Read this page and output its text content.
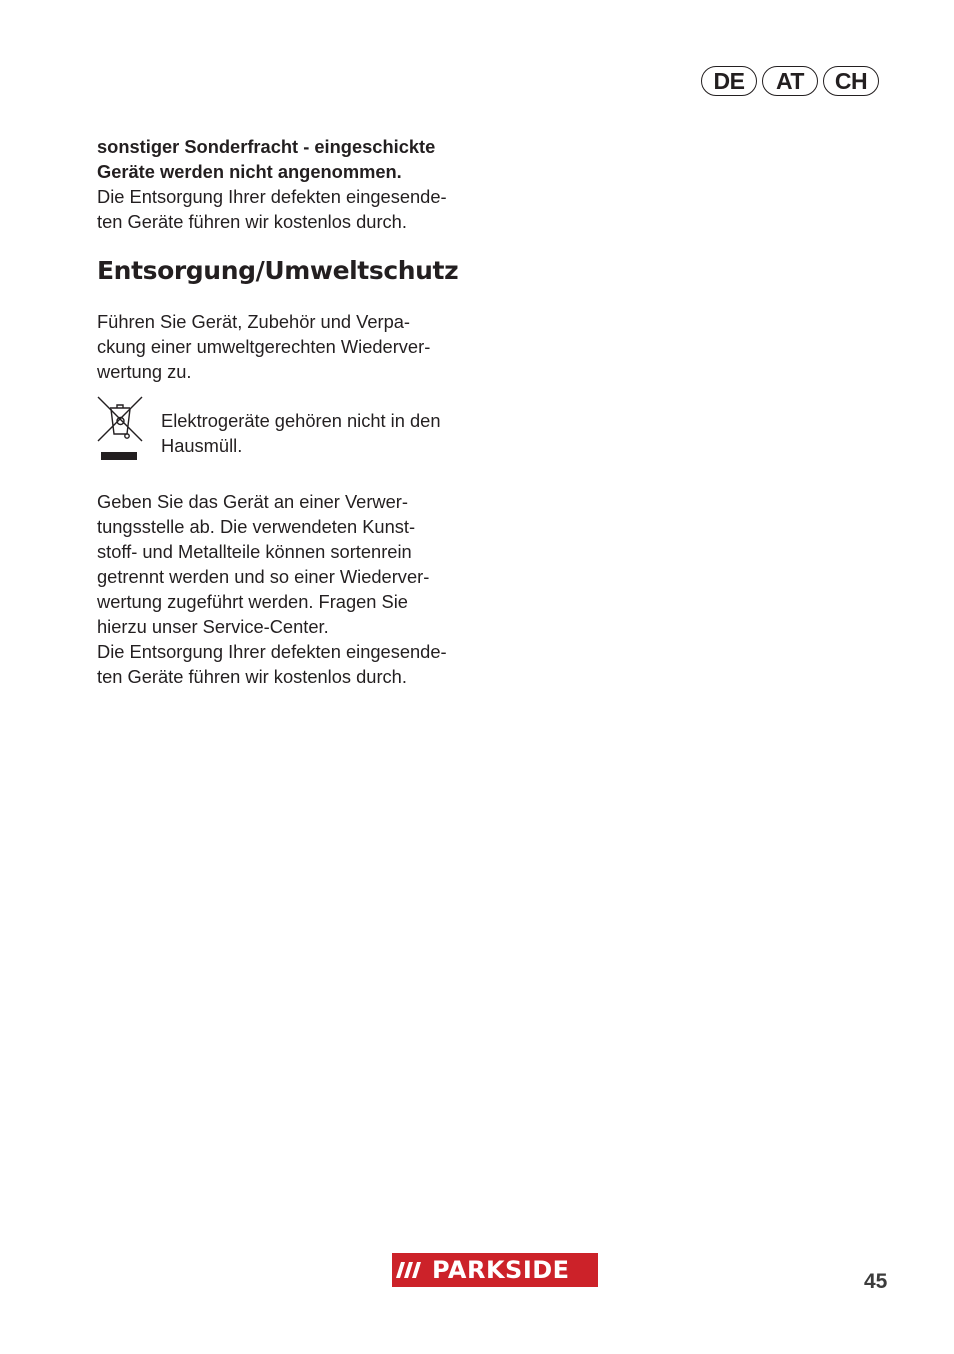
DE	AT	CH

sonstiger Sonderfracht - eingeschickte
Geräte werden nicht angenommen.

Die Entsorgung Ihrer defekten eingesende-
ten Geräte führen wir kostenlos durch.

Entsorgung/Umweltschutz

Führen Sie Gerät, Zubehör und Verpa-
ckung einer umweltgerechten Wiederver-
wertung zu.

Elektrogeräte gehören nicht in den
Hausmüll.

Geben Sie das Gerät an einer Verwer-
tungsstelle ab. Die verwendeten Kunst-
stoff- und Metallteile können sortenrein
getrennt werden und so einer Wiederver-
wertung zugeführt werden. Fragen Sie
hierzu unser Service-Center.
Die Entsorgung Ihrer defekten eingesende-
ten Geräte führen wir kostenlos durch.

PARKSIDE	45
